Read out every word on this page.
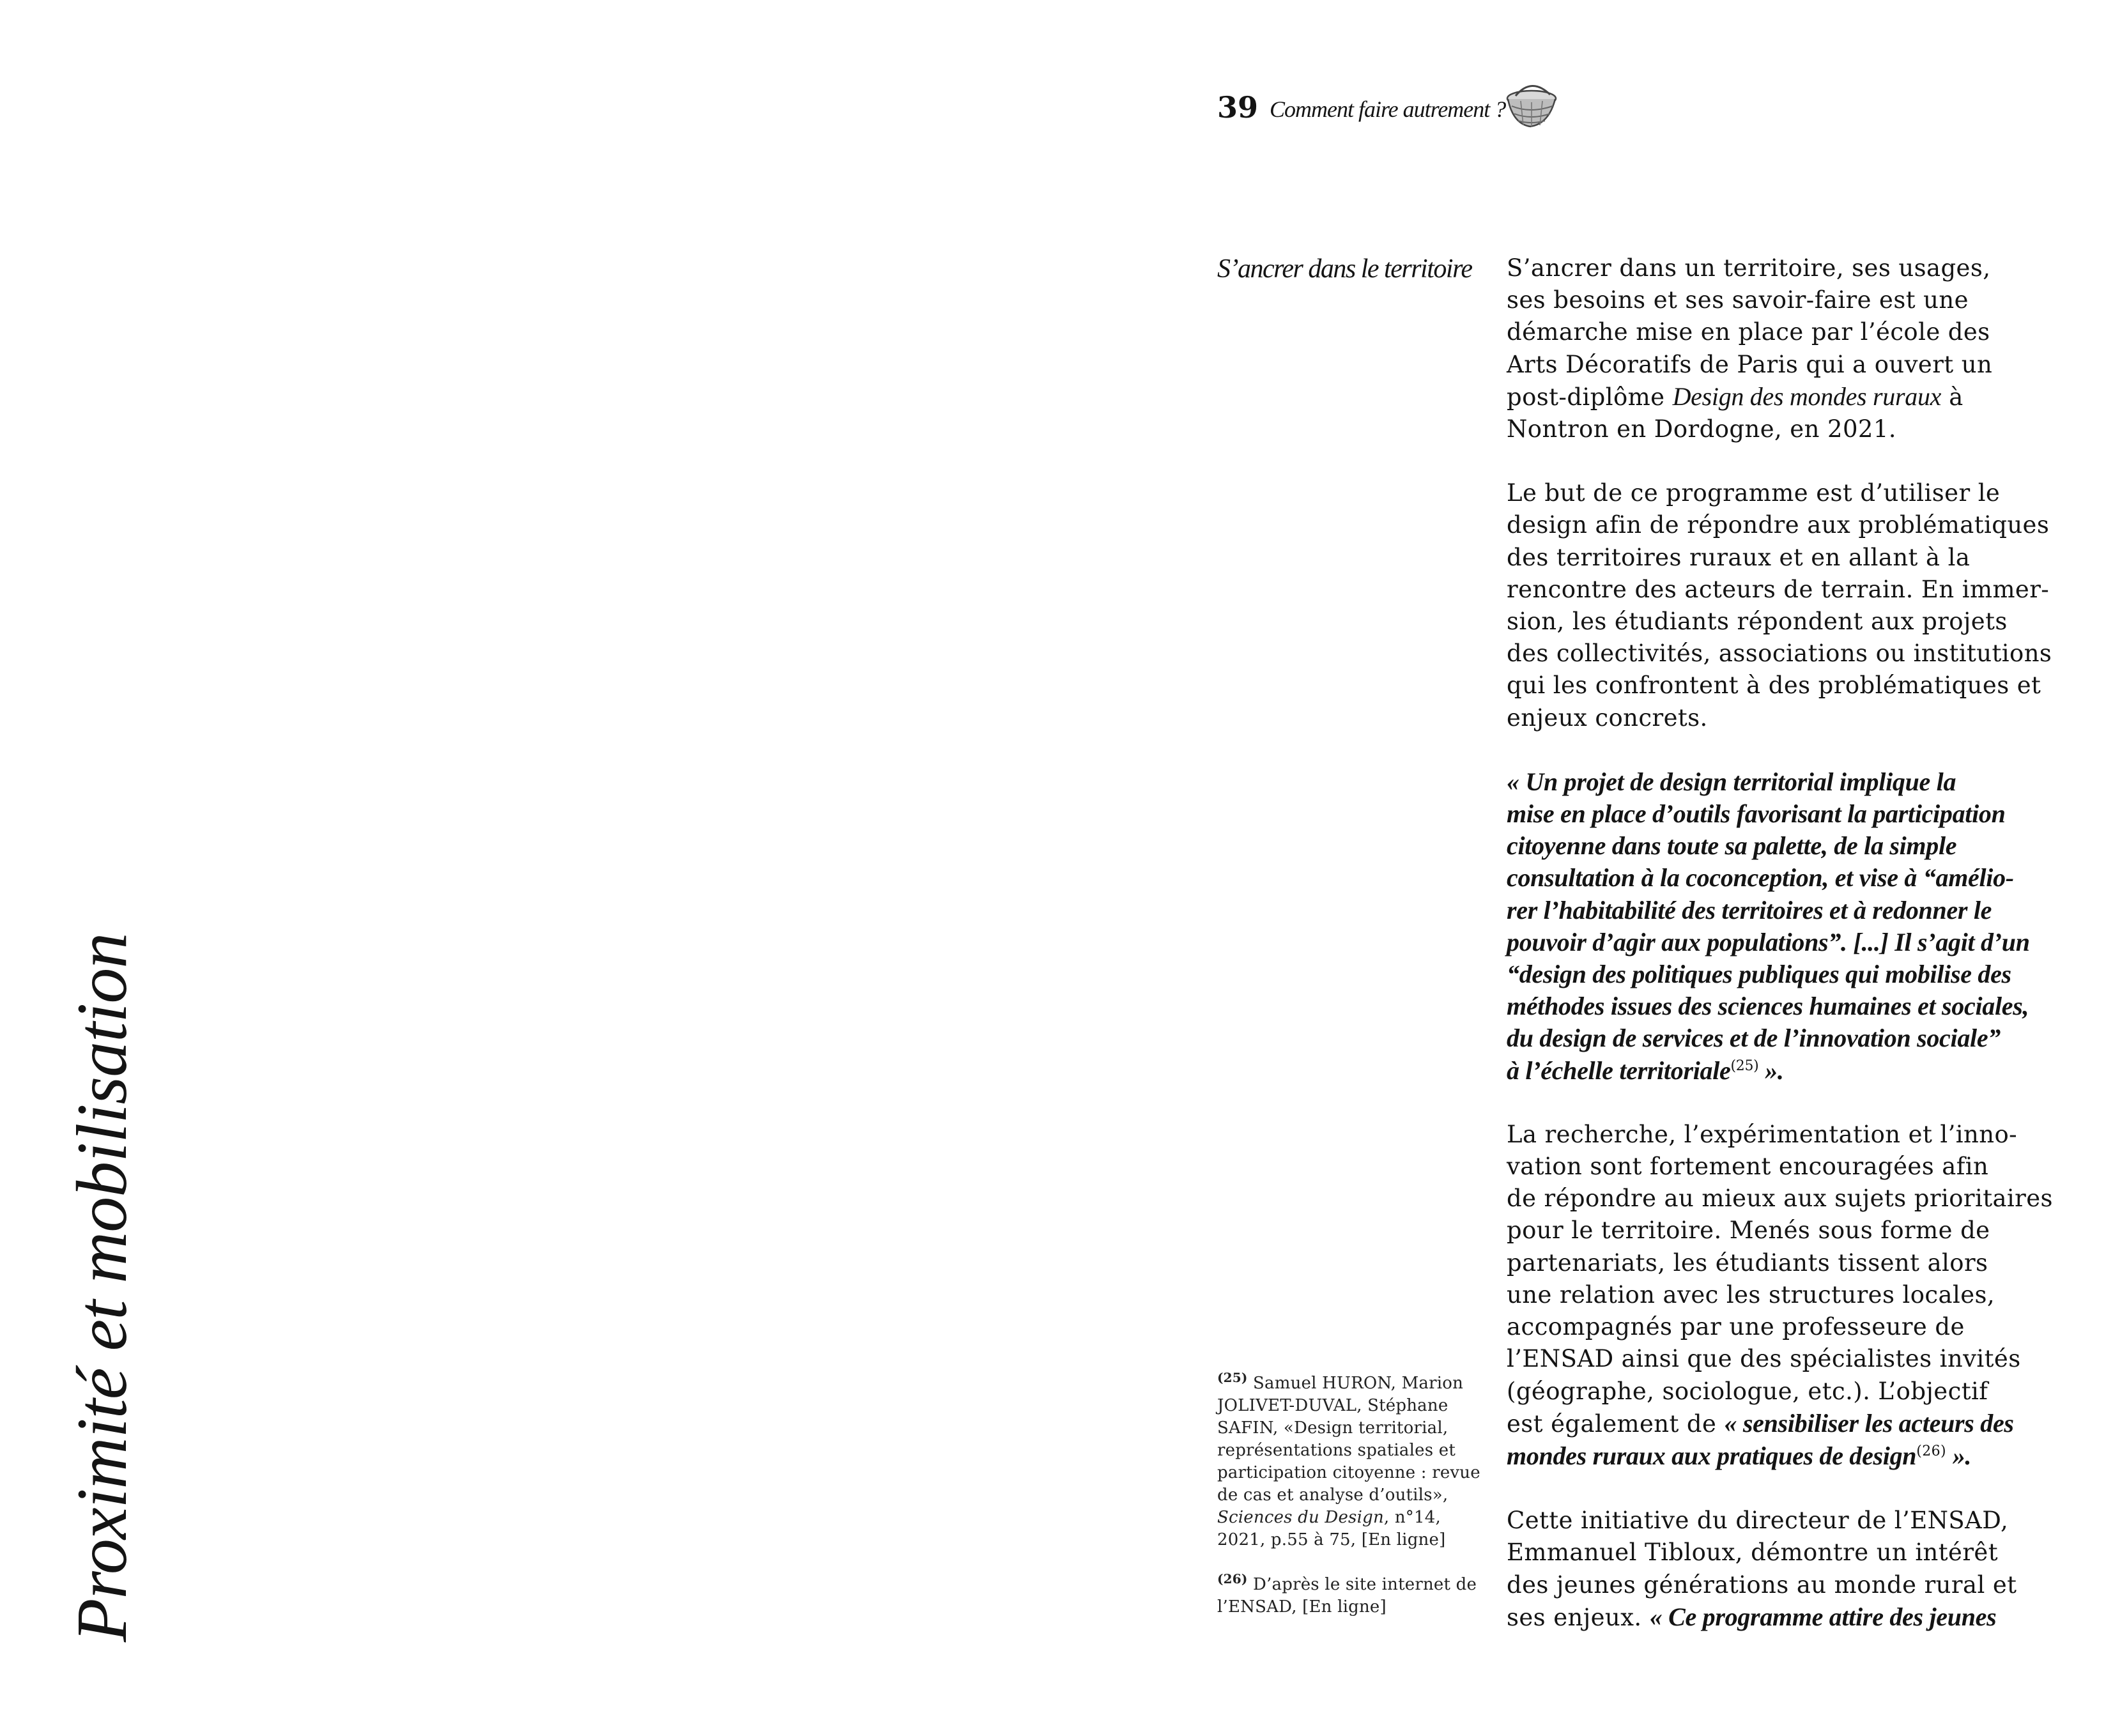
Proximité et mobilisation
39 Comment faire autrement ?
S’ancrer dans le territoire S’ancrer dans un territoire, ses usages,
ses besoins et ses savoir-faire est une
démarche mise en place par l’école des
Arts Décoratifs de Paris qui a ouvert un
post-diplôme Design des mondes ruraux à
Nontron en Dordogne, en 2021.

Le but de ce programme est d’utiliser le
design afin de répondre aux problématiques
des territoires ruraux et en allant à la
rencontre des acteurs de terrain. En immer-
sion, les étudiants répondent aux projets
des collectivités, associations ou institutions
qui les confrontent à des problématiques et
enjeux concrets.

« Un projet de design territorial implique la
mise en place d’outils favorisant la participation
citoyenne dans toute sa palette, de la simple
consultation à la coconception, et vise à “amélio-
rer l’habitabilité des territoires et à redonner le
pouvoir d’agir aux populations”. [...] Il s’agit d’un
“design des politiques publiques qui mobilise des
méthodes issues des sciences humaines et sociales,
du design de services et de l’innovation sociale”
à l’échelle territoriale$^{(25)}$ ».

La recherche, l’expérimentation et l’inno-
vation sont fortement encouragées afin
de répondre au mieux aux sujets prioritaires
pour le territoire. Menés sous forme de
partenariats, les étudiants tissent alors
une relation avec les structures locales,
accompagnés par une professeure de
l’ENSAD ainsi que des spécialistes invités
(géographe, sociologue, etc.). L’objectif
est également de « sensibiliser les acteurs des
mondes ruraux aux pratiques de design$^{(26)}$ ».

Cette initiative du directeur de l’ENSAD,
Emmanuel Tibloux, démontre un intérêt
des jeunes générations au monde rural et
ses enjeux. « Ce programme attire des jeunes

$^{(25)}$ Samuel HURON, Marion JOLIVET-DUVAL, Stéphane SAFIN, «Design territorial, représentations spatiales et participation citoyenne : revue de cas et analyse d’outils», Sciences du Design, n°14, 2021, p.55 à 75, [En ligne]
$^{(26)}$ D’après le site internet de l’ENSAD, [En ligne]
